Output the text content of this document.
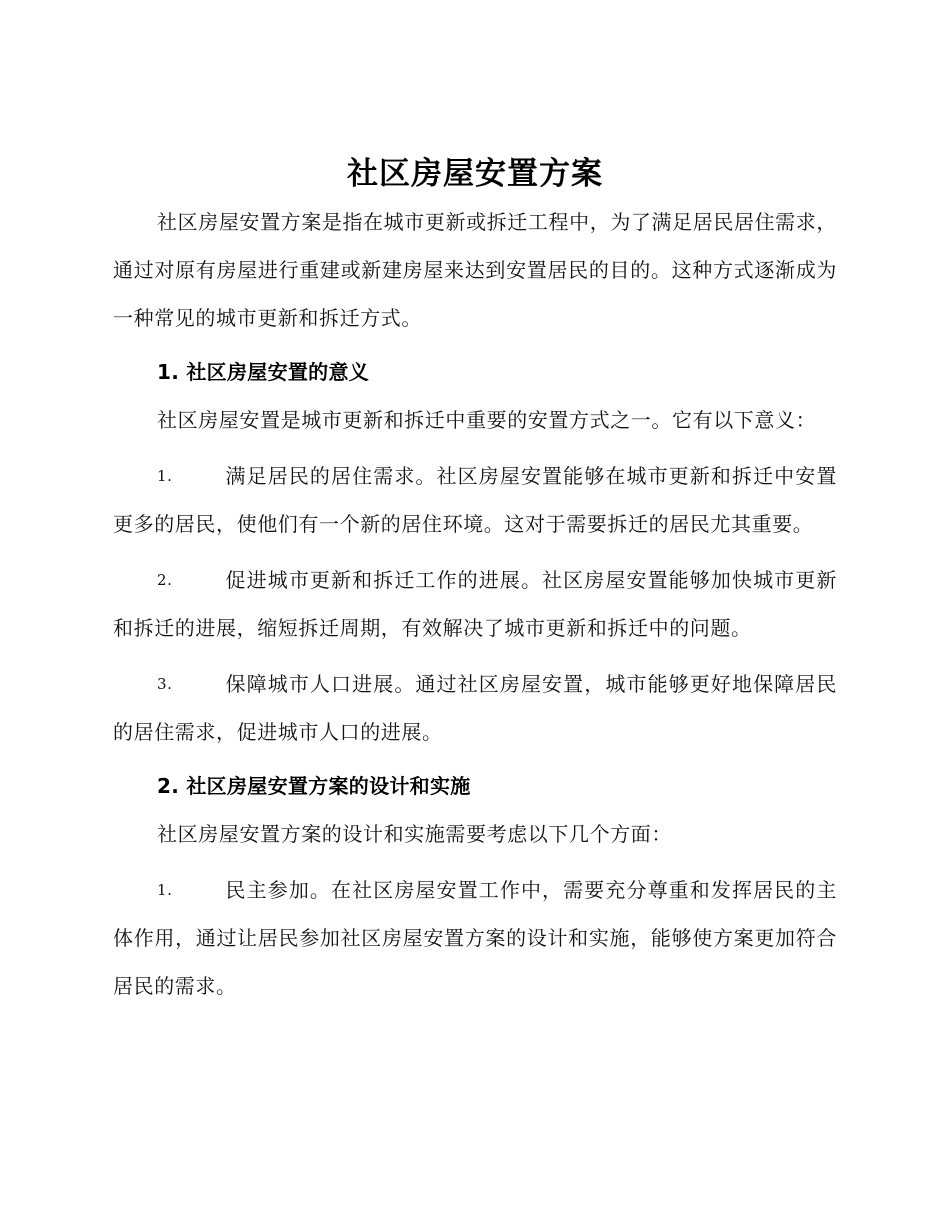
社区房屋安置方案

社区房屋安置方案是指在城市更新或拆迁工程中，为了满足居民居住需求，通过对原有房屋进行重建或新建房屋来达到安置居民的目的。这种方式逐渐成为一种常见的城市更新和拆迁方式。

1. 社区房屋安置的意义

社区房屋安置是城市更新和拆迁中重要的安置方式之一。它有以下意义：

1.	满足居民的居住需求。社区房屋安置能够在城市更新和拆迁中安置更多的居民，使他们有一个新的居住环境。这对于需要拆迁的居民尤其重要。

2.	促进城市更新和拆迁工作的进展。社区房屋安置能够加快城市更新和拆迁的进展，缩短拆迁周期，有效解决了城市更新和拆迁中的问题。

3.	保障城市人口进展。通过社区房屋安置，城市能够更好地保障居民的居住需求，促进城市人口的进展。

2. 社区房屋安置方案的设计和实施

社区房屋安置方案的设计和实施需要考虑以下几个方面：

1.	民主参加。在社区房屋安置工作中，需要充分尊重和发挥居民的主体作用，通过让居民参加社区房屋安置方案的设计和实施，能够使方案更加符合居民的需求。
